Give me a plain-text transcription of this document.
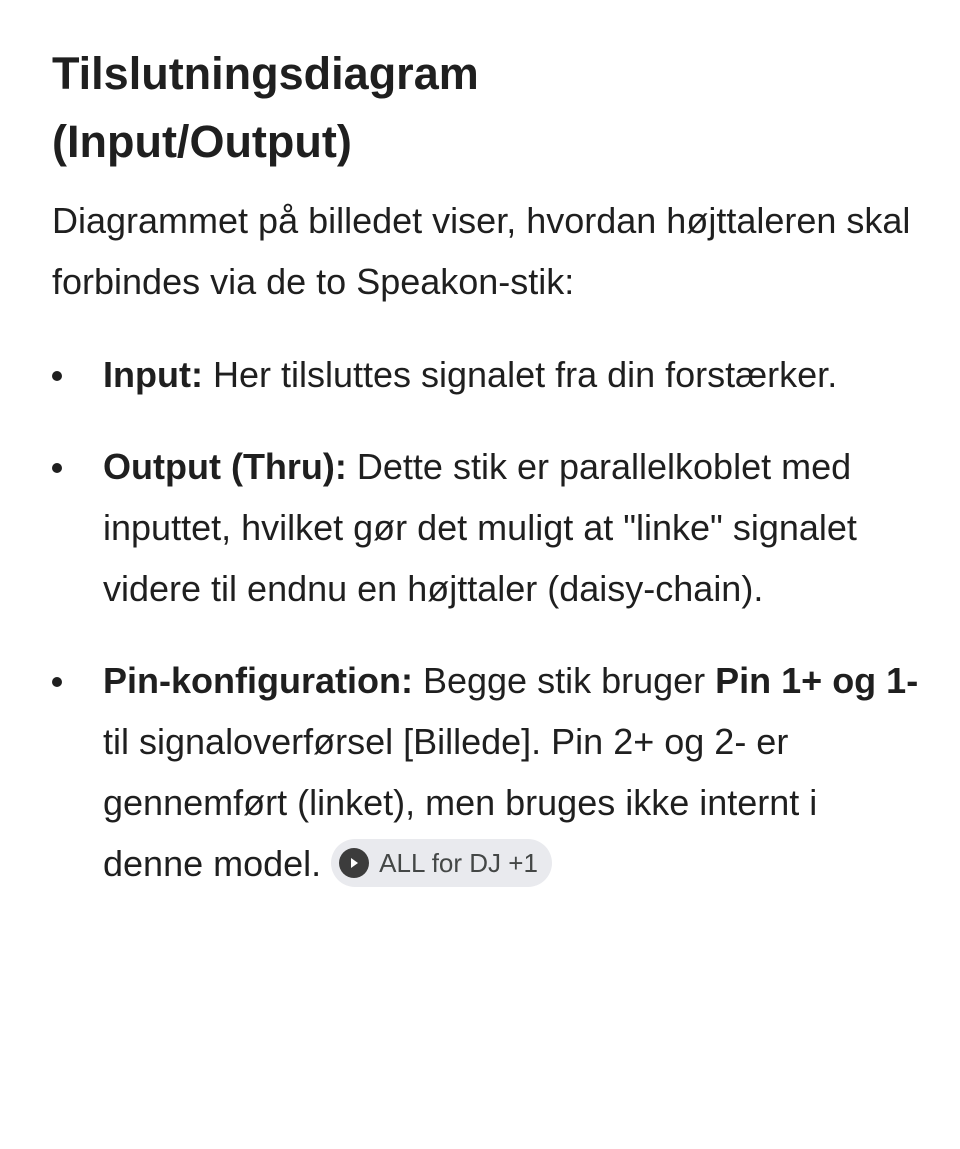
Tilslutningsdiagram
(Input/Output)

Diagrammet på billedet viser, hvordan højttaleren skal forbindes via de to Speakon-stik:

Input: Her tilsluttes signalet fra din forstærker.
Output (Thru): Dette stik er parallelkoblet med inputtet, hvilket gør det muligt at "linke" signalet videre til endnu en højttaler (daisy-chain).
Pin-konfiguration: Begge stik bruger Pin 1+ og 1- til signaloverførsel [Billede]. Pin 2+ og 2- er gennemført (linket), men bruges ikke internt i denne model. ALL for DJ +1
